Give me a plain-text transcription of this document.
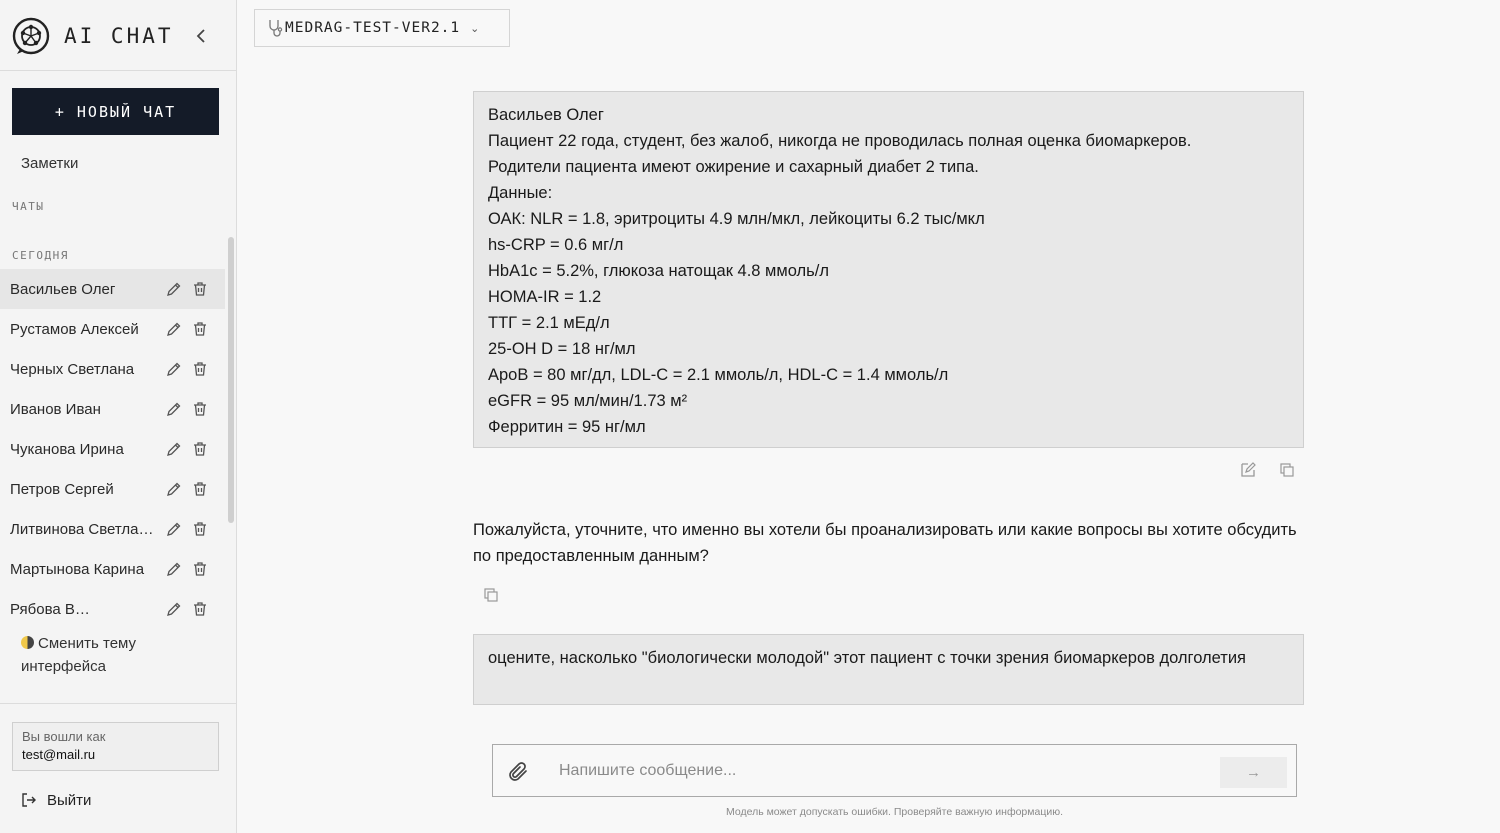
AI CHAT
+ НОВЫЙ ЧАТ
Заметки
ЧАТЫ
СЕГОДНЯ
Васильев Олег
Рустамов Алексей
Черных Светлана
Иванов Иван
Чуканова Ирина
Петров Сергей
Литвинова Светла…
Мартынова Карина
Рябова В…
Сменить тему интерфейса
Вы вошли как
test@mail.ru
Выйти
MEDRAG-TEST-VER2.1 ⌄
Васильев Олег
Пациент 22 года, студент, без жалоб, никогда не проводилась полная оценка биомаркеров.
Родители пациента имеют ожирение и сахарный диабет 2 типа.
Данные:
ОАК: NLR = 1.8, эритроциты 4.9 млн/мкл, лейкоциты 6.2 тыс/мкл
hs-CRP = 0.6 мг/л
HbA1c = 5.2%, глюкоза натощак 4.8 ммоль/л
HOMA-IR = 1.2
ТТГ = 2.1 мЕд/л
25-OH D = 18 нг/мл
ApoB = 80 мг/дл, LDL-C = 2.1 ммоль/л, HDL-C = 1.4 ммоль/л
eGFR = 95 мл/мин/1.73 м²
Ферритин = 95 нг/мл
Пожалуйста, уточните, что именно вы хотели бы проанализировать или какие вопросы вы хотите обсудить по предоставленным данным?
оцените, насколько "биологически молодой" этот пациент с точки зрения биомаркеров долголетия
Напишите сообщение...
→
Модель может допускать ошибки. Проверяйте важную информацию.
